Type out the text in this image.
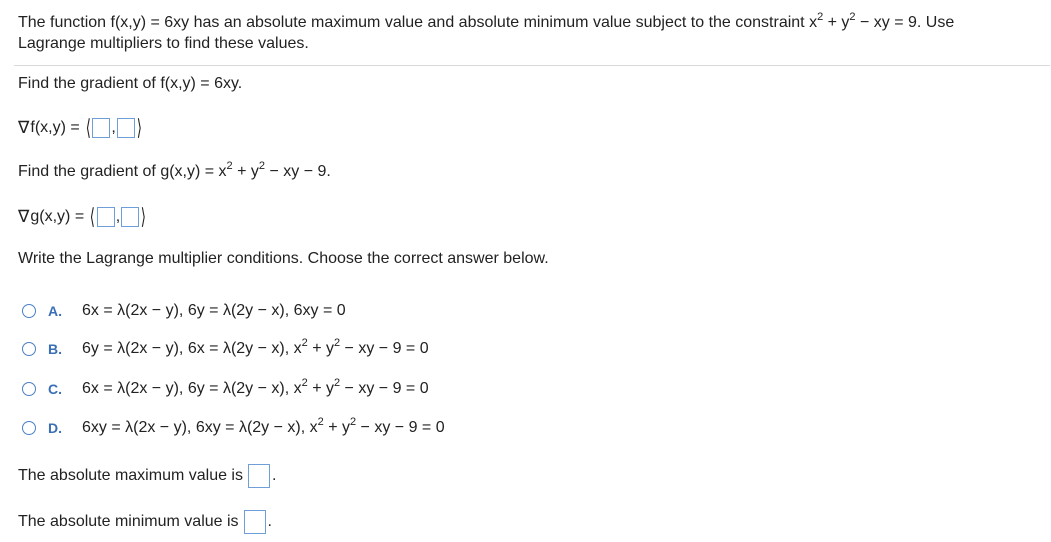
The function f(x,y) = 6xy has an absolute maximum value and absolute minimum value subject to the constraint $x^2 + y^2$ − xy = 9. Use
Lagrange multipliers to find these values.
Find the gradient of f(x,y) = 6xy.
∇ f(x,y) = ⟨ , ⟩
Find the gradient of $g(x,y) = x^2 + y^2$ − xy − 9.
∇ g(x,y) = ⟨ , ⟩
Write the Lagrange multiplier conditions. Choose the correct answer below.
A.	6x = λ(2x − y), 6y = λ(2y − x), 6xy = 0
B.	6y = λ(2x − y), 6x = λ(2y − x), $x^2 + y^2$ − xy − 9 = 0
C.	6x = λ(2x − y), 6y = λ(2y − x), $x^2 + y^2$ − xy − 9 = 0
D.	6xy = λ(2x − y), 6xy = λ(2y − x), $x^2 + y^2$ − xy − 9 = 0
The absolute maximum value is .
The absolute minimum value is .
